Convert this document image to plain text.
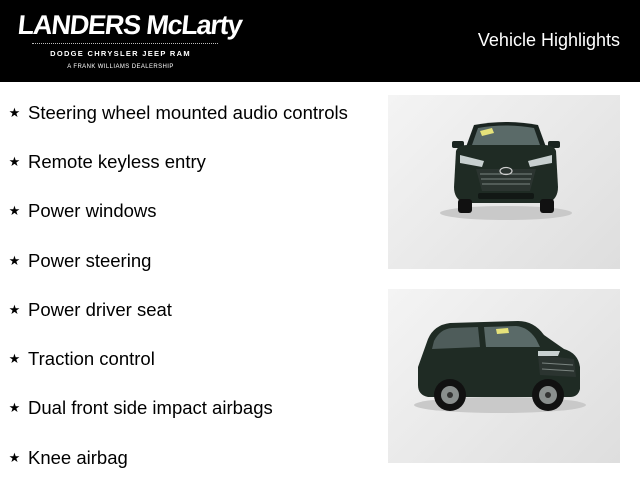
LANDERS McLarty
DODGE CHRYSLER JEEP RAM
A FRANK WILLIAMS DEALERSHIP
Vehicle Highlights
★ Steering wheel mounted audio controls
★ Remote keyless entry
★ Power windows
★ Power steering
★ Power driver seat
★ Traction control
★ Dual front side impact airbags
★ Knee airbag
